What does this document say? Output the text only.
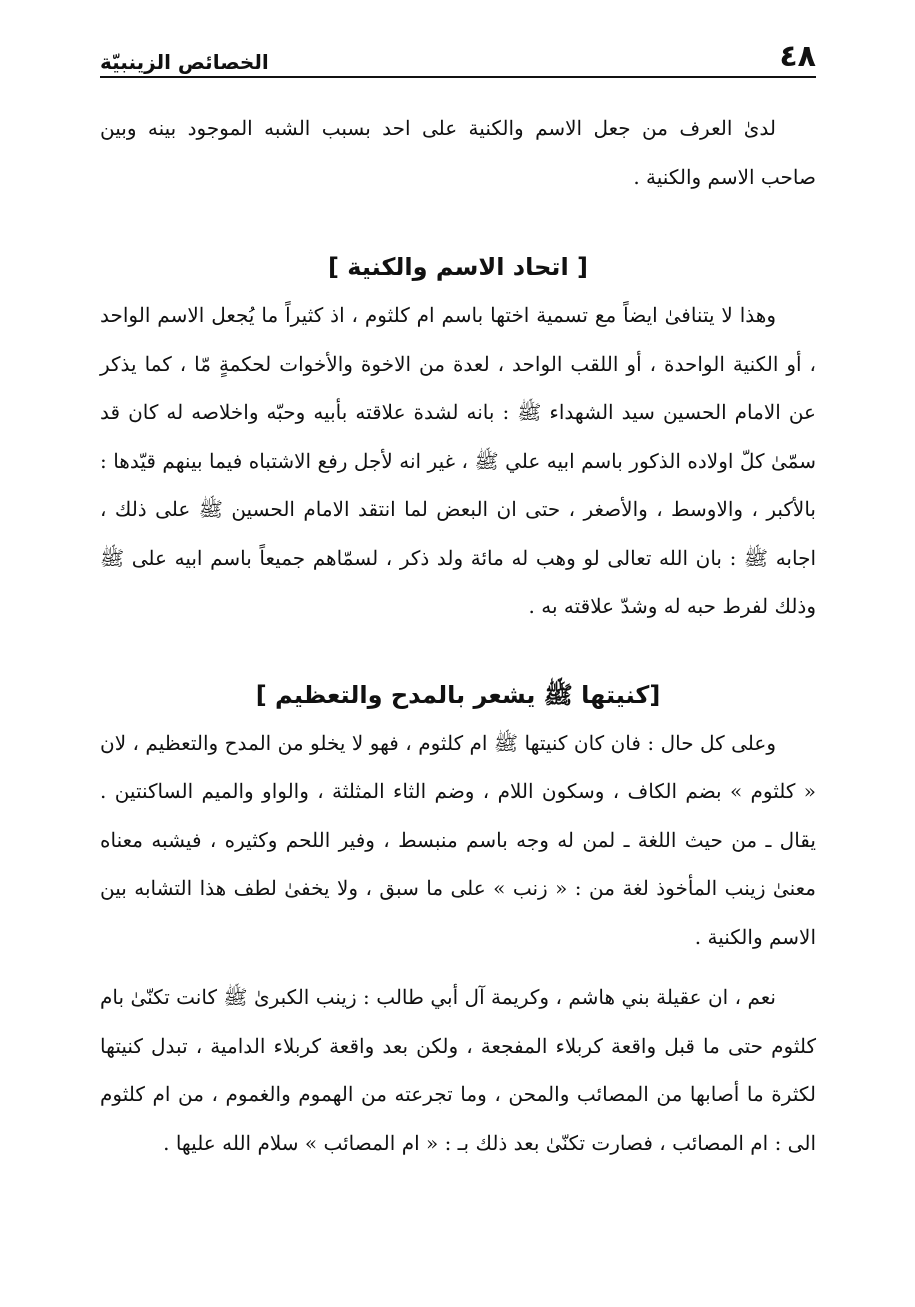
٤٨
الخصائص الزينبيّة

لدىٰ العرف من جعل الاسم والكنية على احد بسبب الشبه الموجود بينه وبين صاحب الاسم والكنية .

[ اتحاد الاسم والكنية ]

وهذا لا يتنافىٰ ايضاً مع تسمية اختها باسم ام كلثوم ، اذ كثيراً ما يُجعل الاسم الواحد ، أو الكنية الواحدة ، أو اللقب الواحد ، لعدة من الاخوة والأخوات لحكمةٍ مّا ، كما يذكر عن الامام الحسين سيد الشهداء ﷺ : بانه لشدة علاقته بأبيه وحبّه واخلاصه له كان قد سمّىٰ كلّ اولاده الذكور باسم ابيه علي ﷺ ، غير انه لأجل رفع الاشتباه فيما بينهم قيّدها : بالأكبر ، والاوسط ، والأصغر ، حتى ان البعض لما انتقد الامام الحسين ﷺ على ذلك ، اجابه ﷺ : بان الله تعالى لو وهب له مائة ولد ذكر ، لسمّاهم جميعاً باسم ابيه على ﷺ وذلك لفرط حبه له وشدّ علاقته به .

[كنيتها ﷺ يشعر بالمدح والتعظيم ]

وعلى كل حال : فان كان كنيتها ﷺ ام كلثوم ، فهو لا يخلو من المدح والتعظيم ، لان « كلثوم » بضم الكاف ، وسكون اللام ، وضم الثاء المثلثة ، والواو والميم الساكنتين . يقال ـ من حيث اللغة ـ لمن له وجه باسم منبسط ، وفير اللحم وكثيره ، فيشبه معناه معنىٰ زينب المأخوذ لغة من : « زنب » على ما سبق ، ولا يخفىٰ لطف هذا التشابه بين الاسم والكنية .

نعم ، ان عقيلة بني هاشم ، وكريمة آل أبي طالب : زينب الكبرىٰ ﷺ كانت تكنّىٰ بام كلثوم حتى ما قبل واقعة كربلاء المفجعة ، ولكن بعد واقعة كربلاء الدامية ، تبدل كنيتها لكثرة ما أصابها من المصائب والمحن ، وما تجرعته من الهموم والغموم ، من ام كلثوم الى : ام المصائب ، فصارت تكنّىٰ بعد ذلك بـ : « ام المصائب » سلام الله عليها .
